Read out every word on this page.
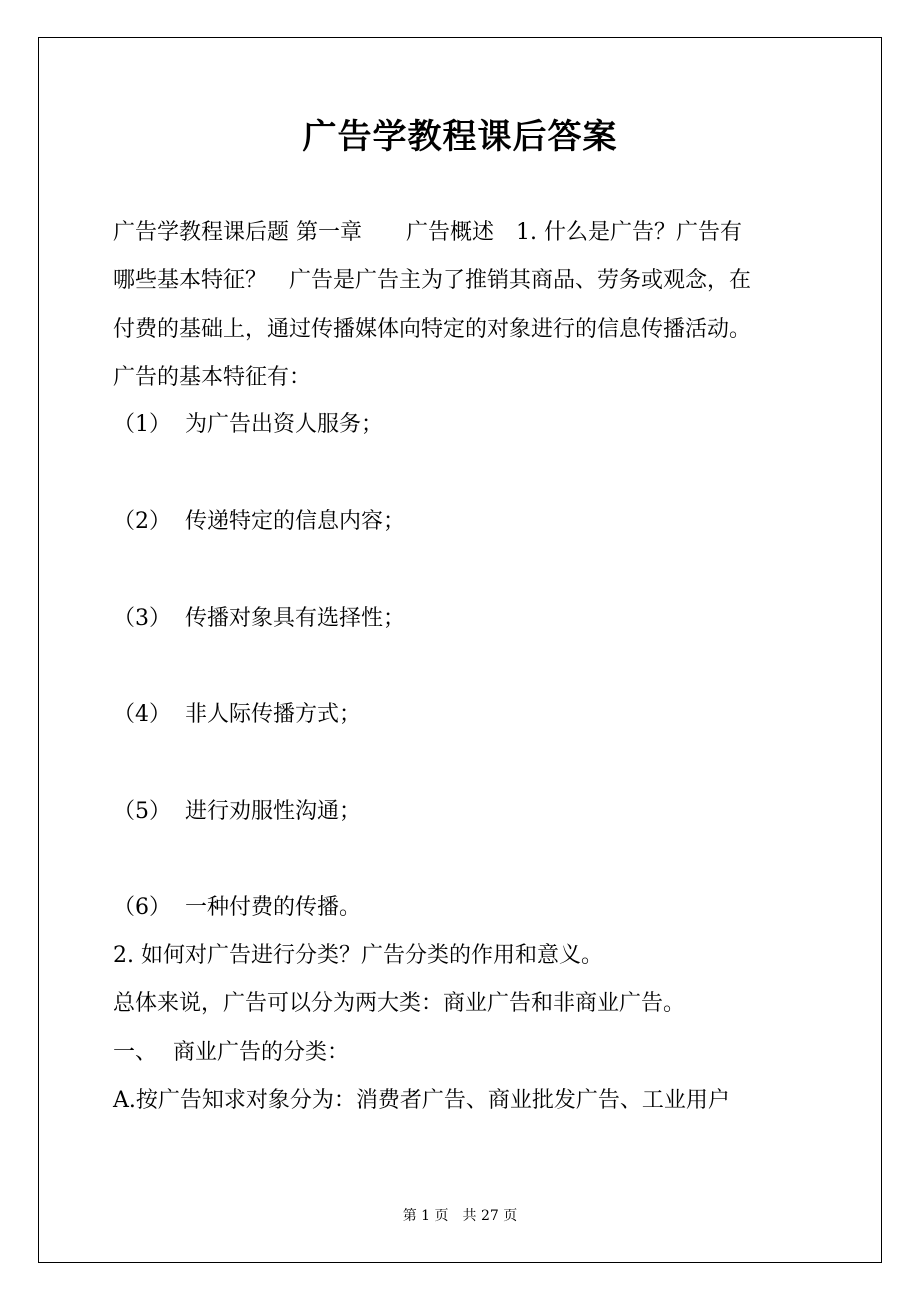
广告学教程课后答案
广告学教程课后题 第一章　　广告概述　1. 什么是广告？广告有
哪些基本特征？　广告是广告主为了推销其商品、劳务或观念，在
付费的基础上，通过传播媒体向特定的对象进行的信息传播活动。
广告的基本特征有：
（1） 为广告出资人服务；
（2） 传递特定的信息内容；
（3） 传播对象具有选择性；
（4） 非人际传播方式；
（5） 进行劝服性沟通；
（6） 一种付费的传播。
2. 如何对广告进行分类？广告分类的作用和意义。
总体来说，广告可以分为两大类：商业广告和非商业广告。
一、 商业广告的分类：
A.按广告知求对象分为：消费者广告、商业批发广告、工业用户
第 1 页 共 27 页
